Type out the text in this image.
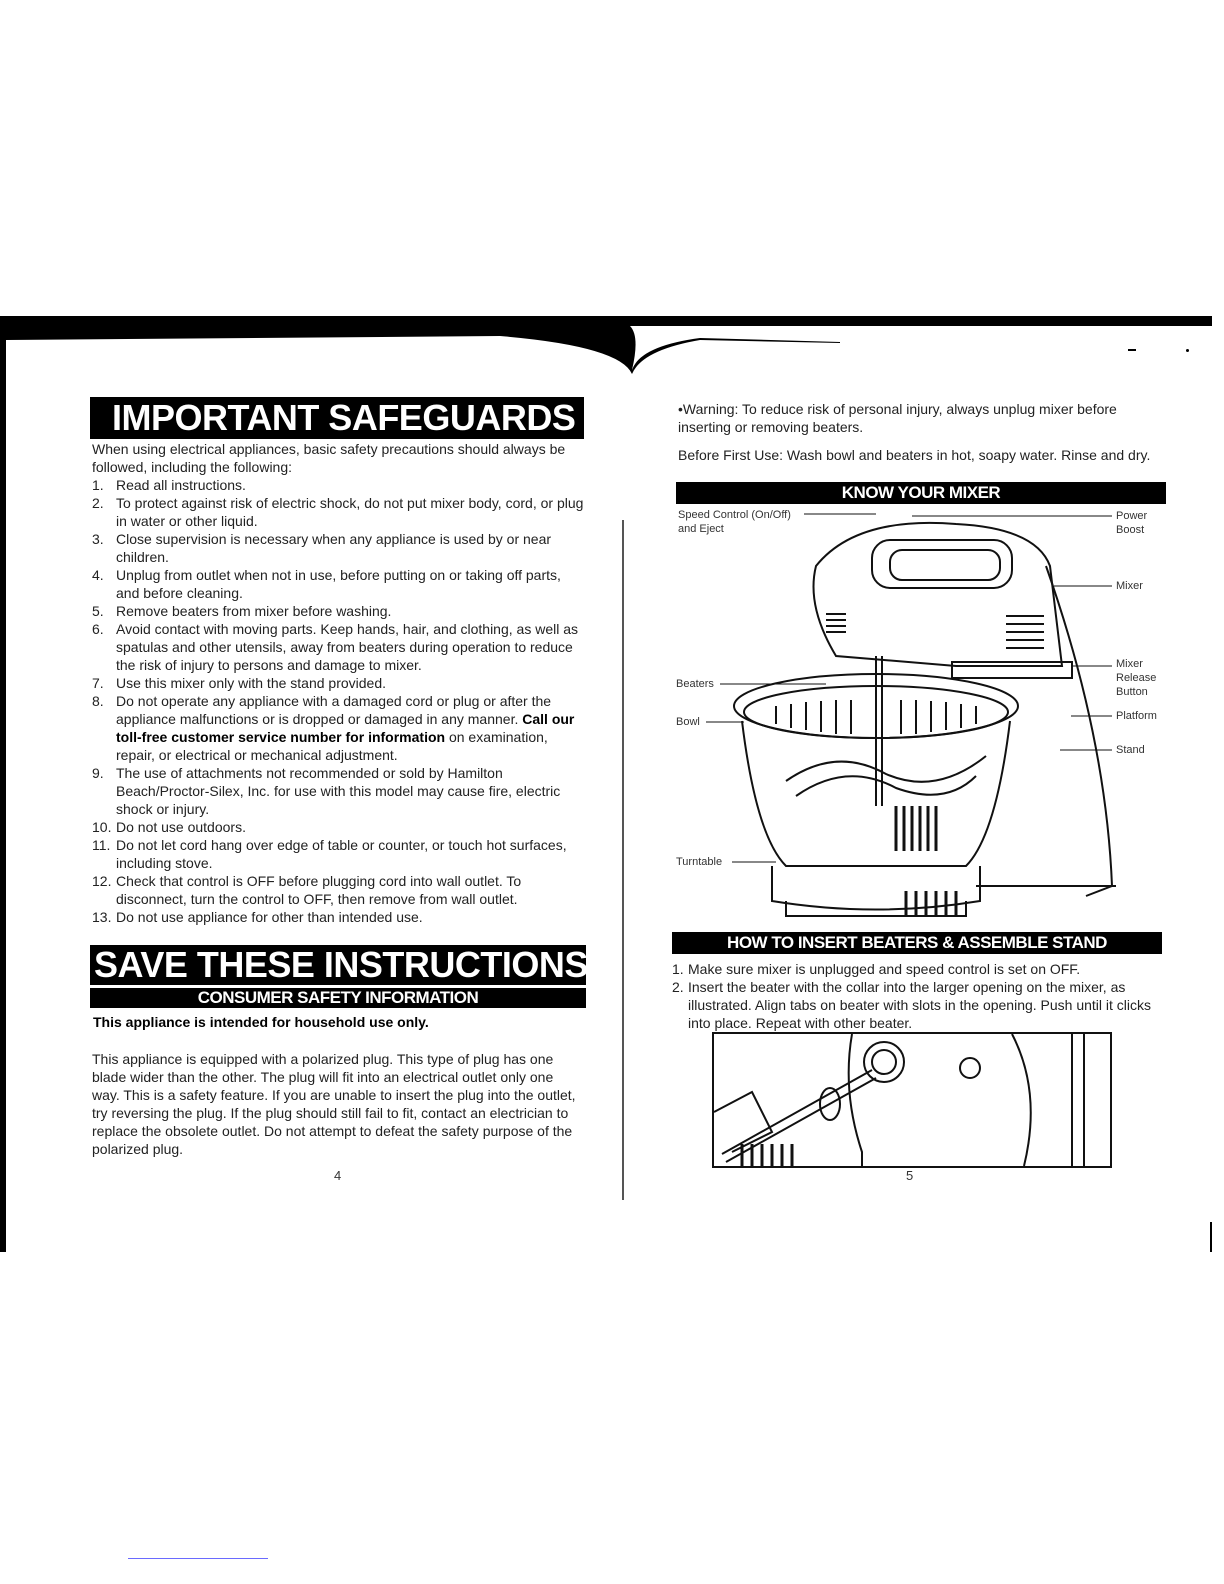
IMPORTANT SAFEGUARDS
When using electrical appliances, basic safety precautions should always be followed, including the following:
1. Read all instructions.
2. To protect against risk of electric shock, do not put mixer body, cord, or plug in water or other liquid.
3. Close supervision is necessary when any appliance is used by or near children.
4. Unplug from outlet when not in use, before putting on or taking off parts, and before cleaning.
5. Remove beaters from mixer before washing.
6. Avoid contact with moving parts. Keep hands, hair, and clothing, as well as spatulas and other utensils, away from beaters during operation to reduce the risk of injury to persons and damage to mixer.
7. Use this mixer only with the stand provided.
8. Do not operate any appliance with a damaged cord or plug or after the appliance malfunctions or is dropped or damaged in any manner. Call our toll-free customer service number for information on examination, repair, or electrical or mechanical adjustment.
9. The use of attachments not recommended or sold by Hamilton Beach/Proctor-Silex, Inc. for use with this model may cause fire, electric shock or injury.
10. Do not use outdoors.
11. Do not let cord hang over edge of table or counter, or touch hot surfaces, including stove.
12. Check that control is OFF before plugging cord into wall outlet. To disconnect, turn the control to OFF, then remove from wall outlet.
13. Do not use appliance for other than intended use.
SAVE THESE INSTRUCTIONS!
CONSUMER SAFETY INFORMATION
This appliance is intended for household use only.
This appliance is equipped with a polarized plug. This type of plug has one blade wider than the other. The plug will fit into an electrical outlet only one way. This is a safety feature. If you are unable to insert the plug into the outlet, try reversing the plug. If the plug should still fail to fit, contact an electrician to replace the obsolete outlet. Do not attempt to defeat the safety purpose of the polarized plug.
4
•Warning: To reduce risk of personal injury, always unplug mixer before inserting or removing beaters.
Before First Use: Wash bowl and beaters in hot, soapy water. Rinse and dry.
KNOW YOUR MIXER
Speed Control (On/Off)
and Eject
Power
Boost
Mixer
Mixer
Release
Button
Platform
Stand
Beaters
Bowl
Turntable
HOW TO INSERT BEATERS & ASSEMBLE STAND
1. Make sure mixer is unplugged and speed control is set on OFF.
2. Insert the beater with the collar into the larger opening on the mixer, as illustrated. Align tabs on beater with slots in the opening. Push until it clicks into place. Repeat with other beater.
5
